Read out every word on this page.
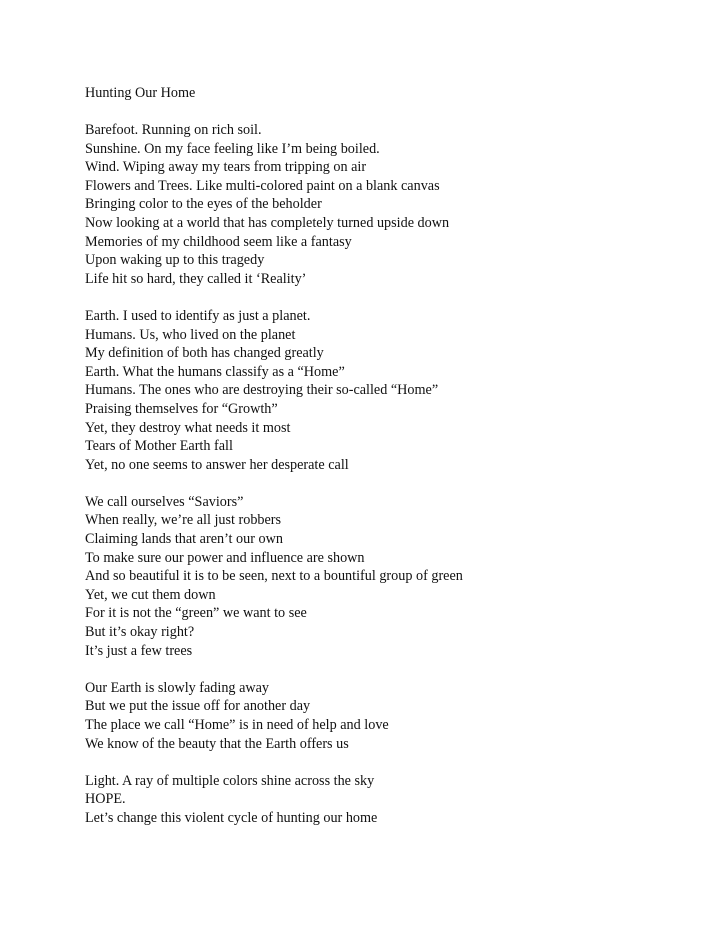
Hunting Our Home
Barefoot. Running on rich soil.
Sunshine. On my face feeling like I’m being boiled.
Wind. Wiping away my tears from tripping on air
Flowers and Trees. Like multi-colored paint on a blank canvas
Bringing color to the eyes of the beholder
Now looking at a world that has completely turned upside down
Memories of my childhood seem like a fantasy
Upon waking up to this tragedy
Life hit so hard, they called it ‘Reality’
Earth. I used to identify as just a planet.
Humans. Us, who lived on the planet
My definition of both has changed greatly
Earth. What the humans classify as a “Home”
Humans. The ones who are destroying their so-called “Home”
Praising themselves for “Growth”
Yet, they destroy what needs it most
Tears of Mother Earth fall
Yet, no one seems to answer her desperate call
We call ourselves “Saviors”
When really, we’re all just robbers
Claiming lands that aren’t our own
To make sure our power and influence are shown
And so beautiful it is to be seen, next to a bountiful group of green
Yet, we cut them down
For it is not the “green” we want to see
But it’s okay right?
It’s just a few trees
Our Earth is slowly fading away
But we put the issue off for another day
The place we call “Home” is in need of help and love
We know of the beauty that the Earth offers us
Light. A ray of multiple colors shine across the sky
HOPE.
Let’s change this violent cycle of hunting our home
